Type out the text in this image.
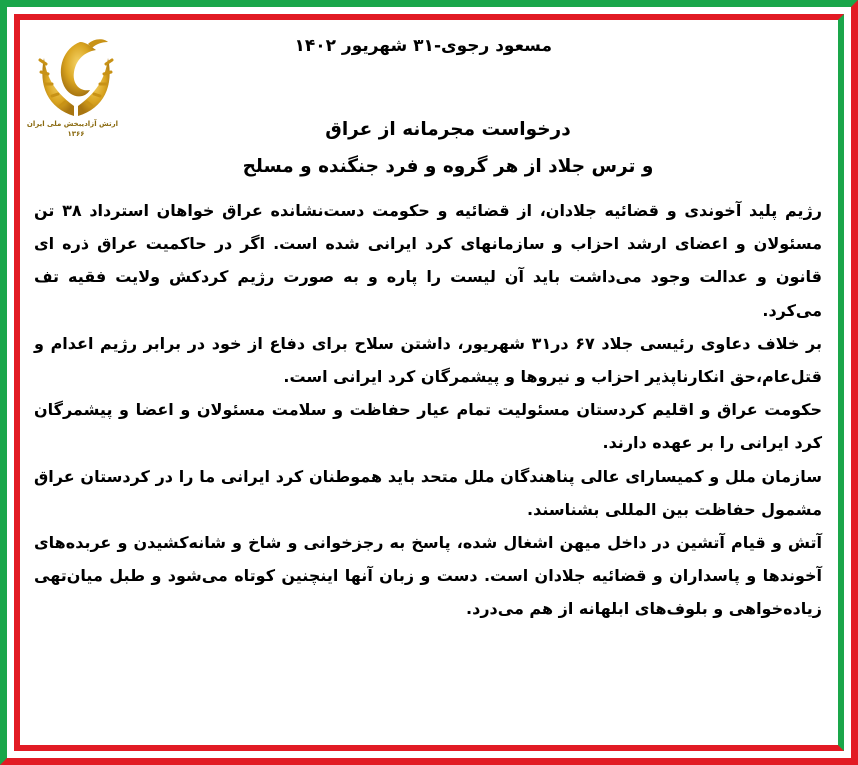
ارتش آزادیبخش ملی ایران
۱۳۶۶
مسعود رجوی-۳۱ شهریور ۱۴۰۲
درخواست مجرمانه از عراق
و ترس جلاد از هر گروه و فرد جنگنده و مسلح

رژیم پلید آخوندی و قضائیه جلادان، از قضائیه و حکومت دست‌نشانده عراق خواهان استرداد ۳۸ تن مسئولان و اعضای ارشد احزاب و سازمانهای کرد ایرانی شده است. اگر در حاکمیت عراق ذره ای قانون و عدالت وجود می‌داشت باید آن لیست را پاره و به صورت رژیم کردکش ولایت فقیه تف می‌کرد.

بر خلاف دعاوی رئیسی جلاد ۶۷ در۳۱ شهریور، داشتن سلاح برای دفاع از خود در برابر رژیم اعدام و قتل‌عام،حق انکارناپذیر احزاب و نیروها و پیشمرگان کرد ایرانی است.

حکومت عراق و اقلیم کردستان مسئولیت تمام عیار حفاظت و سلامت مسئولان و اعضا و پیشمرگان کرد ایرانی را بر عهده دارند.

سازمان ملل و کمیسارای عالی پناهندگان ملل متحد باید هموطنان کرد ایرانی ما را در کردستان عراق مشمول حفاظت بین المللی بشناسند.

آتش و قیام آتشین در داخل میهن اشغال شده، پاسخ به رجزخوانی و شاخ و شانه‌کشیدن و عربده‌های آخوندها و پاسداران و قضائیه جلادان است. دست و زبان آنها اینچنین کوتاه می‌شود و طبل میان‌تهی زیاده‌خواهی و بلوف‌های ابلهانه از هم می‌درد.
